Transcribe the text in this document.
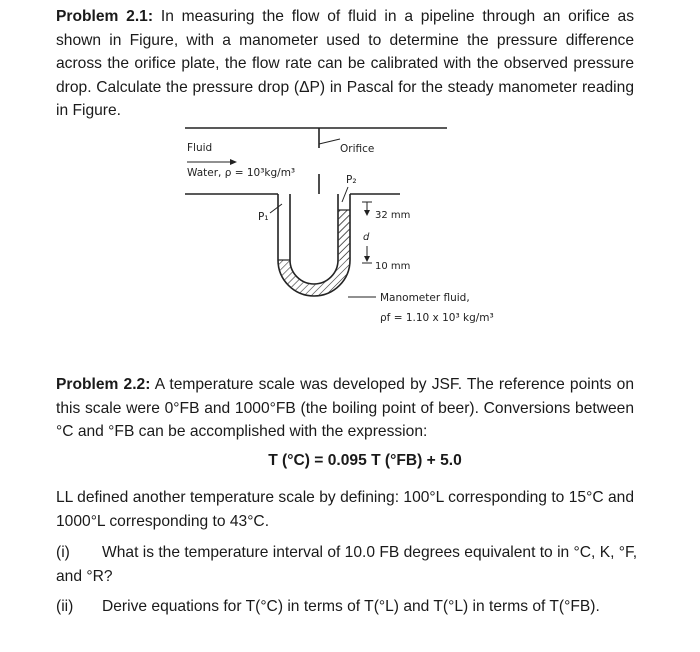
Problem 2.1: In measuring the flow of fluid in a pipeline through an orifice as shown in Figure, with a manometer used to determine the pressure difference across the orifice plate, the flow rate can be calibrated with the observed pressure drop. Calculate the pressure drop (ΔP) in Pascal for the steady manometer reading in Figure.
Fluid
Water, ρ = 10³kg/m³
Orifice
P₂
P₁	32 mm
d
10 mm
Manometer fluid,
ρf = 1.10 x 10³ kg/m³
Problem 2.2: A temperature scale was developed by JSF. The reference points on this scale were 0°FB and 1000°FB (the boiling point of beer). Conversions between °C and °FB can be accomplished with the expression:
T (°C) = 0.095 T (°FB) + 5.0
LL defined another temperature scale by defining: 100°L corresponding to 15°C and 1000°L corresponding to 43°C.
(i) What is the temperature interval of 10.0 FB degrees equivalent to in °C, K, °F, and °R?
(ii) Derive equations for T(°C) in terms of T(°L) and T(°L) in terms of T(°FB).
